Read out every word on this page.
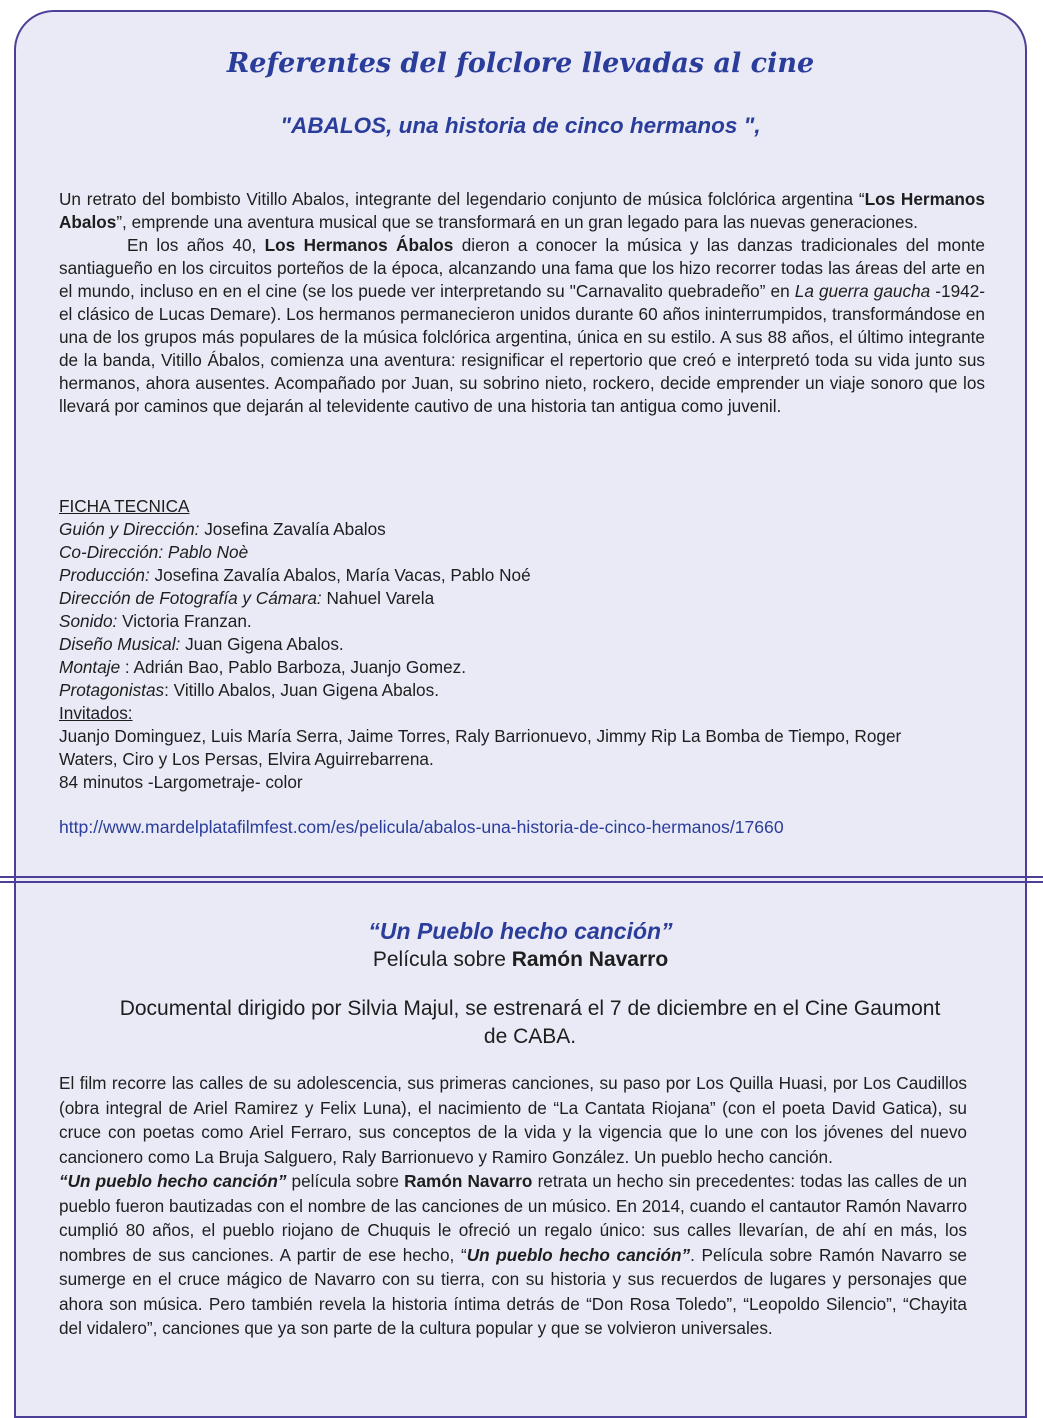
Referentes del folclore llevadas al cine
"ABALOS, una historia de cinco hermanos ",

Un retrato del bombisto Vitillo Abalos, integrante del legendario conjunto de música folclórica argentina “Los Hermanos Abalos”, emprende una aventura musical que se transformará en un gran legado para las nuevas generaciones.

En los años 40, Los Hermanos Ábalos dieron a conocer la música y las danzas tradicionales del monte santiagueño en los circuitos porteños de la época, alcanzando una fama que los hizo recorrer todas las áreas del arte en el mundo, incluso en en el cine (se los puede ver interpretando su "Carnavalito quebradeño” en La guerra gaucha -1942- el clásico de Lucas Demare). Los hermanos permanecieron unidos durante 60 años ininterrumpidos, transformándose en una de los grupos más populares de la música folclórica argentina, única en su estilo. A sus 88 años, el último integrante de la banda, Vitillo Ábalos, comienza una aventura: resignificar el repertorio que creó e interpretó toda su vida junto sus hermanos, ahora ausentes. Acompañado por Juan, su sobrino nieto, rockero, decide emprender un viaje sonoro que los llevará por caminos que dejarán al televidente cautivo de una historia tan antigua como juvenil.

FICHA TECNICA
Guión y Dirección: Josefina Zavalía Abalos
Co-Dirección: Pablo Noè
Producción: Josefina Zavalía Abalos, María Vacas, Pablo Noé
Dirección de Fotografía y Cámara: Nahuel Varela
Sonido: Victoria Franzan.
Diseño Musical: Juan Gigena Abalos.
Montaje : Adrián Bao, Pablo Barboza, Juanjo Gomez.
Protagonistas: Vitillo Abalos, Juan Gigena Abalos.
Invitados:
Juanjo Dominguez, Luis María Serra, Jaime Torres, Raly Barrionuevo, Jimmy Rip La Bomba de Tiempo, Roger Waters, Ciro y Los Persas, Elvira Aguirrebarrena.
84 minutos -Largometraje- color
http://www.mardelplatafilmfest.com/es/pelicula/abalos-una-historia-de-cinco-hermanos/17660
“Un Pueblo hecho canción”
Película sobre Ramón Navarro

Documental dirigido por Silvia Majul, se estrenará el 7 de diciembre en el Cine Gaumont de CABA.

El film recorre las calles de su adolescencia, sus primeras canciones, su paso por Los Quilla Huasi, por Los Caudillos (obra integral de Ariel Ramirez y Felix Luna), el nacimiento de “La Cantata Riojana” (con el poeta David Gatica), su cruce con poetas como Ariel Ferraro, sus conceptos de la vida y la vigencia que lo une con los jóvenes del nuevo cancionero como La Bruja Salguero, Raly Barrionuevo y Ramiro González. Un pueblo hecho canción.

“Un pueblo hecho canción” película sobre Ramón Navarro retrata un hecho sin precedentes: todas las calles de un pueblo fueron bautizadas con el nombre de las canciones de un músico. En 2014, cuando el cantautor Ramón Navarro cumplió 80 años, el pueblo riojano de Chuquis le ofreció un regalo único: sus calles llevarían, de ahí en más, los nombres de sus canciones. A partir de ese hecho, “Un pueblo hecho canción”. Película sobre Ramón Navarro se sumerge en el cruce mágico de Navarro con su tierra, con su historia y sus recuerdos de lugares y personajes que ahora son música. Pero también revela la historia íntima detrás de “Don Rosa Toledo”, “Leopoldo Silencio”, “Chayita del vidalero”, canciones que ya son parte de la cultura popular y que se volvieron universales.
